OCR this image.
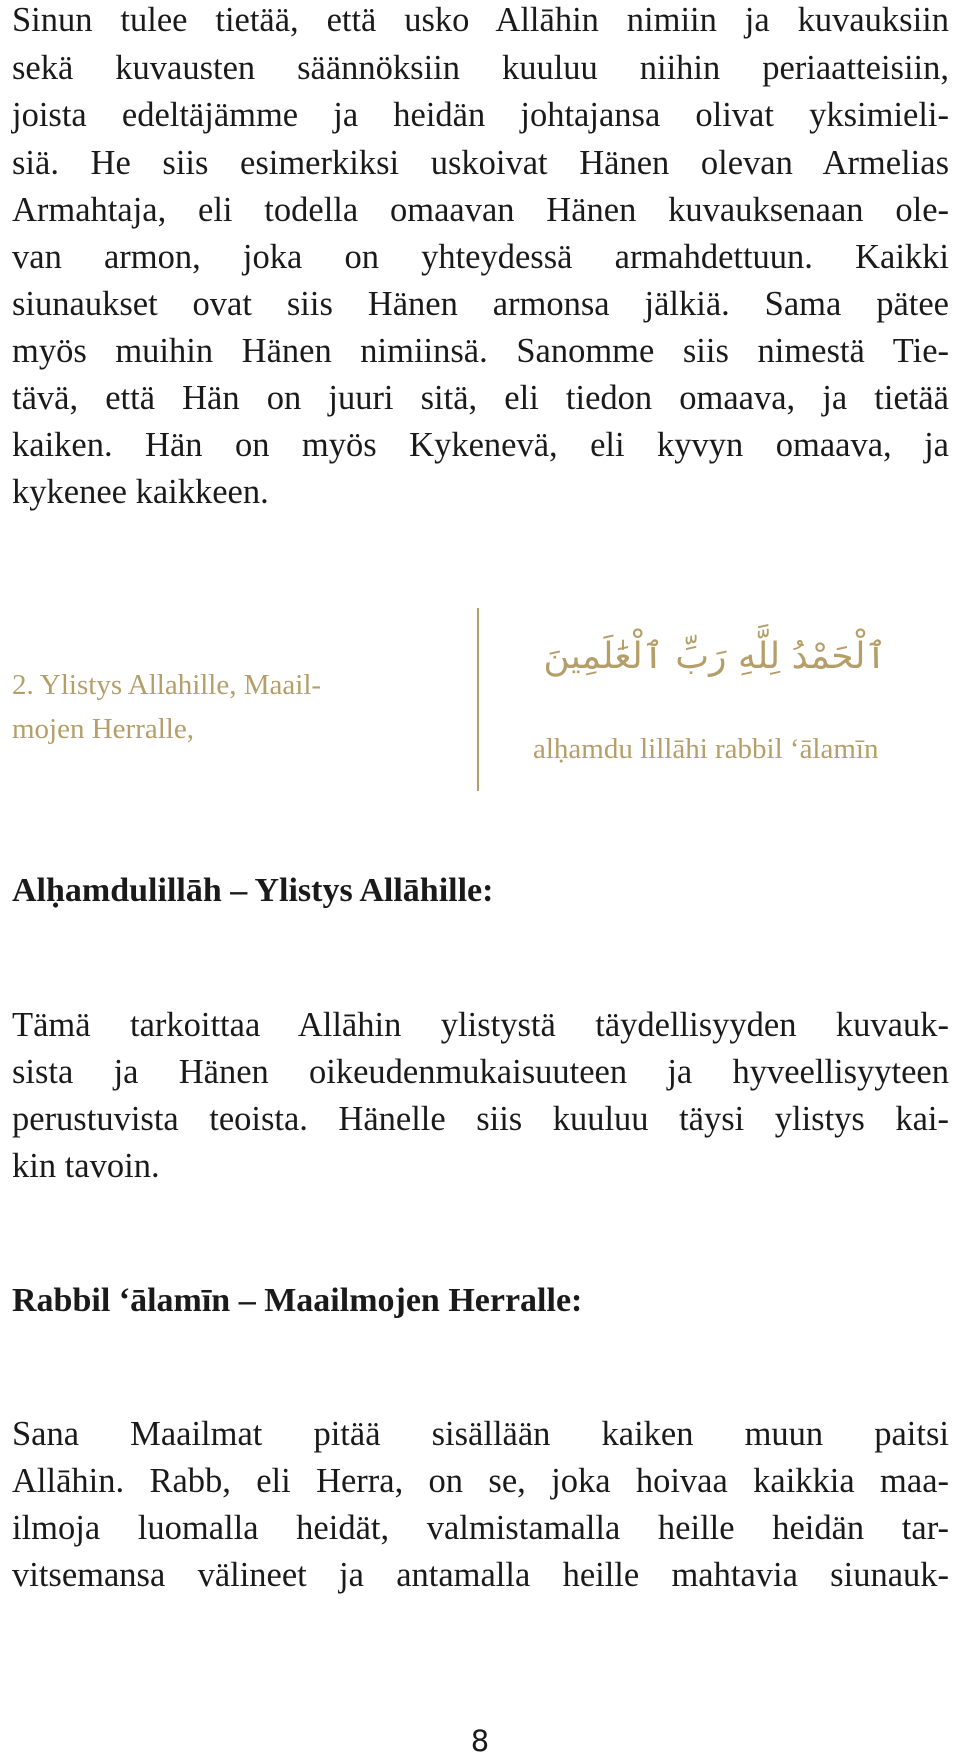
Sinun tulee tietää, että usko Allāhin nimiin ja kuvauksiin
sekä kuvausten säännöksiin kuuluu niihin periaatteisiin,
joista edeltäjämme ja heidän johtajansa olivat yksimieli-
siä. He siis esimerkiksi uskoivat Hänen olevan Armelias
Armahtaja, eli todella omaavan Hänen kuvauksenaan ole-
van armon, joka on yhteydessä armahdettuun. Kaikki
siunaukset ovat siis Hänen armonsa jälkiä. Sama pätee
myös muihin Hänen nimiinsä. Sanomme siis nimestä Tie-
tävä, että Hän on juuri sitä, eli tiedon omaava, ja tietää
kaiken. Hän on myös Kykenevä, eli kyvyn omaava, ja
kykenee kaikkeen.
2. Ylistys Allahille, Maail-
mojen Herralle,
ٱلْحَمْدُ لِلَّهِ رَبِّ ٱلْعَٰلَمِينَ
alḥamdu lillāhi rabbil ʻālamīn
Alḥamdulillāh – Ylistys Allāhille:
Tämä tarkoittaa Allāhin ylistystä täydellisyyden kuvauk-
sista ja Hänen oikeudenmukaisuuteen ja hyveellisyyteen
perustuvista teoista. Hänelle siis kuuluu täysi ylistys kai-
kin tavoin.
Rabbil ʻālamīn – Maailmojen Herralle:
Sana Maailmat pitää sisällään kaiken muun paitsi
Allāhin. Rabb, eli Herra, on se, joka hoivaa kaikkia maa-
ilmoja luomalla heidät, valmistamalla heille heidän tar-
vitsemansa välineet ja antamalla heille mahtavia siunauk-
8
